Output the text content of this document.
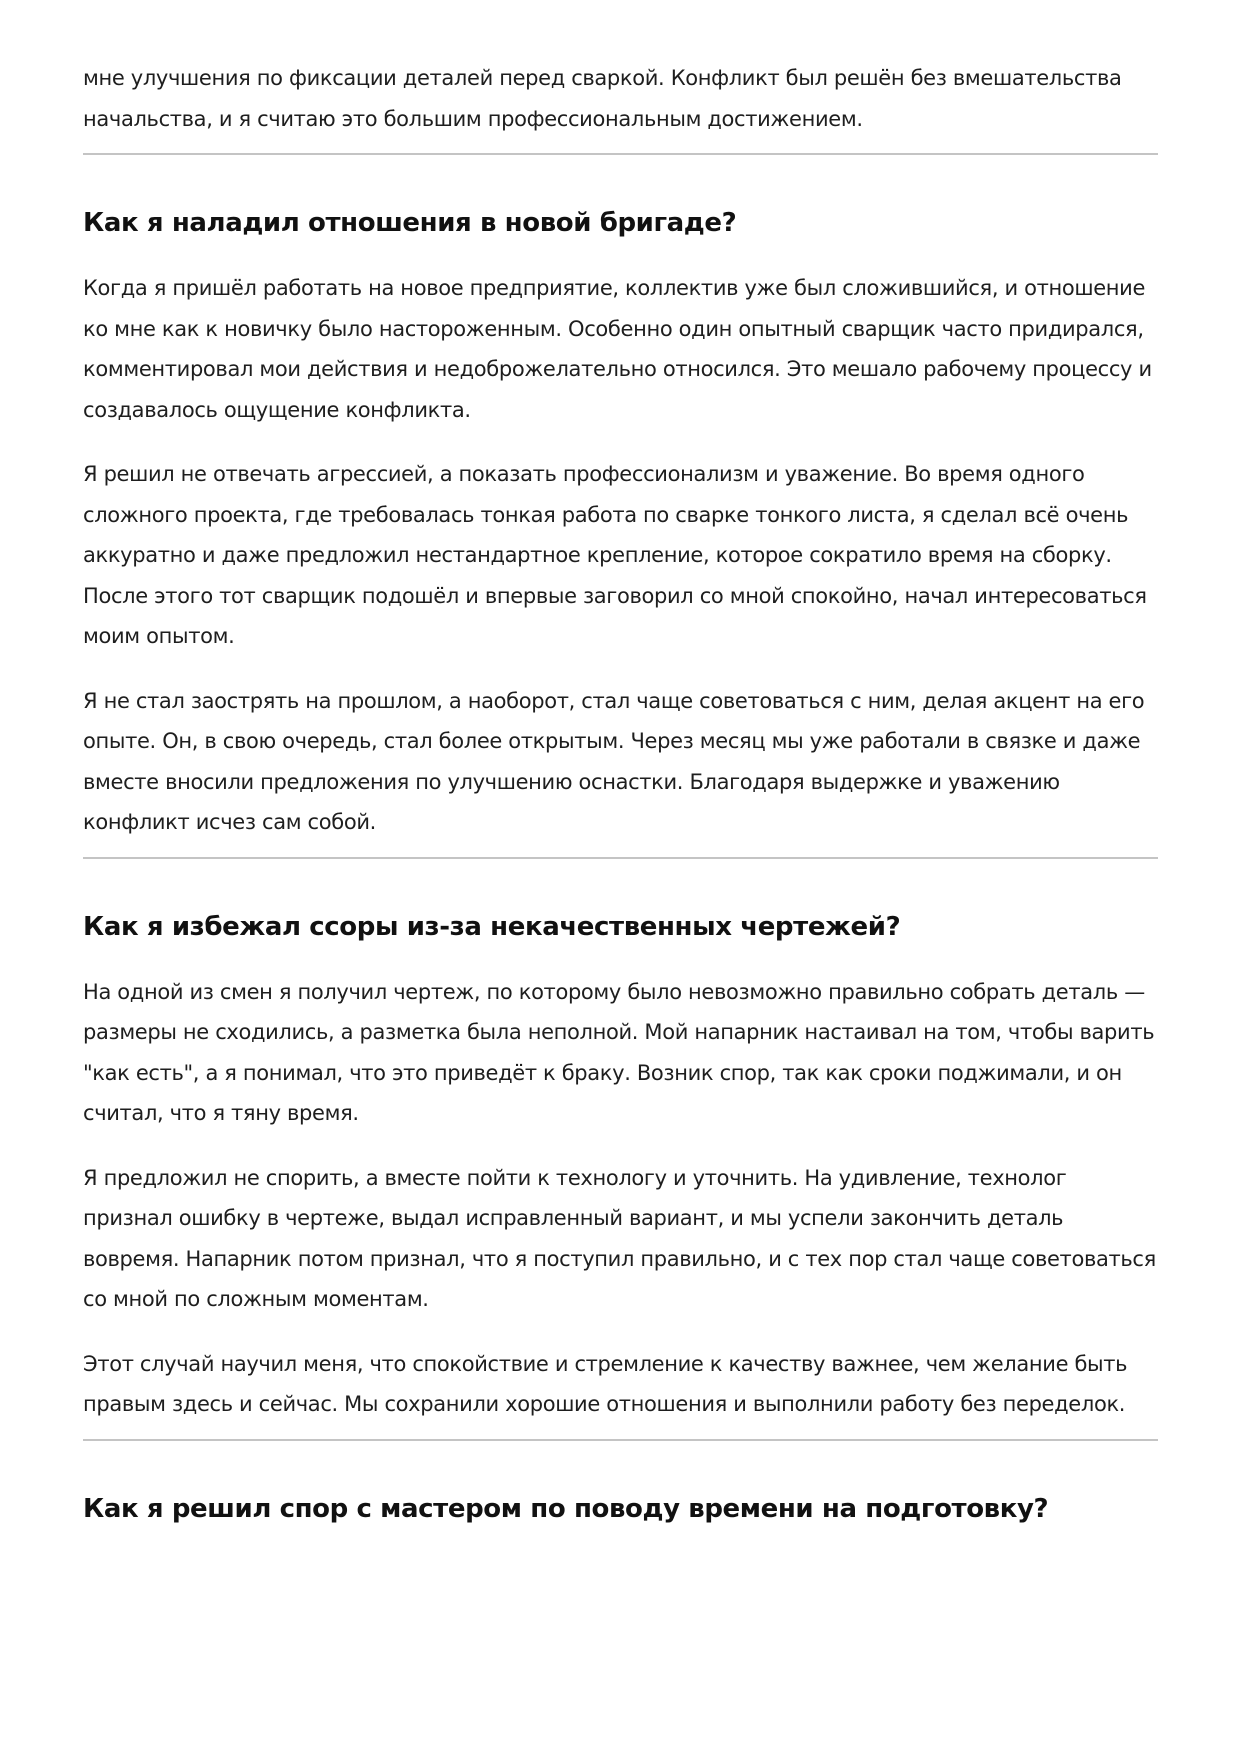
мне улучшения по фиксации деталей перед сваркой. Конфликт был решён без вмешательства начальства, и я считаю это большим профессиональным достижением.

Как я наладил отношения в новой бригаде?

Когда я пришёл работать на новое предприятие, коллектив уже был сложившийся, и отношение ко мне как к новичку было настороженным. Особенно один опытный сварщик часто придирался, комментировал мои действия и недоброжелательно относился. Это мешало рабочему процессу и создавалось ощущение конфликта.

Я решил не отвечать агрессией, а показать профессионализм и уважение. Во время одного сложного проекта, где требовалась тонкая работа по сварке тонкого листа, я сделал всё очень аккуратно и даже предложил нестандартное крепление, которое сократило время на сборку. После этого тот сварщик подошёл и впервые заговорил со мной спокойно, начал интересоваться моим опытом.

Я не стал заострять на прошлом, а наоборот, стал чаще советоваться с ним, делая акцент на его опыте. Он, в свою очередь, стал более открытым. Через месяц мы уже работали в связке и даже вместе вносили предложения по улучшению оснастки. Благодаря выдержке и уважению конфликт исчез сам собой.

Как я избежал ссоры из-за некачественных чертежей?

На одной из смен я получил чертеж, по которому было невозможно правильно собрать деталь — размеры не сходились, а разметка была неполной. Мой напарник настаивал на том, чтобы варить "как есть", а я понимал, что это приведёт к браку. Возник спор, так как сроки поджимали, и он считал, что я тяну время.

Я предложил не спорить, а вместе пойти к технологу и уточнить. На удивление, технолог признал ошибку в чертеже, выдал исправленный вариант, и мы успели закончить деталь вовремя. Напарник потом признал, что я поступил правильно, и с тех пор стал чаще советоваться со мной по сложным моментам.

Этот случай научил меня, что спокойствие и стремление к качеству важнее, чем желание быть правым здесь и сейчас. Мы сохранили хорошие отношения и выполнили работу без переделок.

Как я решил спор с мастером по поводу времени на подготовку?
